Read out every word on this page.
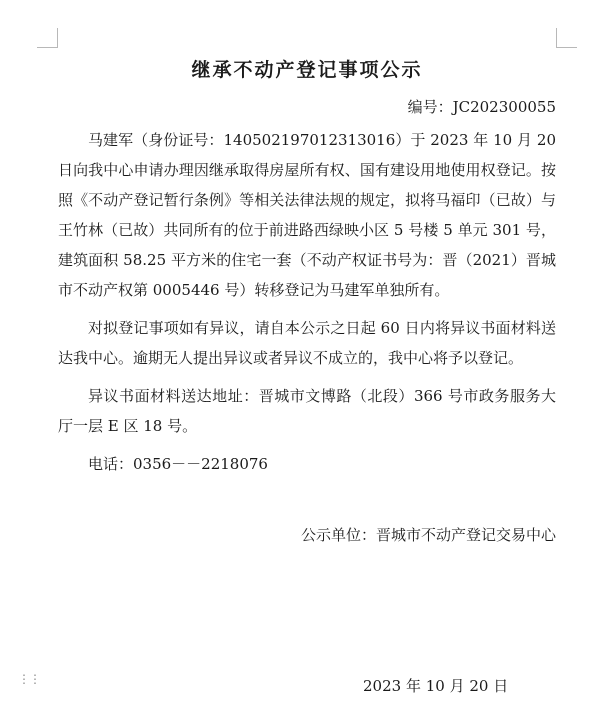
继承不动产登记事项公示
编号：JC202300055

马建军（身份证号：140502197012313016）于 2023 年 10 月 20 日向我中心申请办理因继承取得房屋所有权、国有建设用地使用权登记。按照《不动产登记暂行条例》等相关法律法规的规定，拟将马福印（已故）与王竹林（已故）共同所有的位于前进路西绿映小区 5 号楼 5 单元 301 号，建筑面积 58.25 平方米的住宅一套（不动产权证书号为：晋（2021）晋城市不动产权第 0005446 号）转移登记为马建军单独所有。

对拟登记事项如有异议，请自本公示之日起 60 日内将异议书面材料送达我中心。逾期无人提出异议或者异议不成立的，我中心将予以登记。

异议书面材料送达地址：晋城市文博路（北段）366 号市政务服务大厅一层 E 区 18 号。

电话：0356－－2218076

公示单位：晋城市不动产登记交易中心
⋮⋮	2023 年 10 月 20 日
